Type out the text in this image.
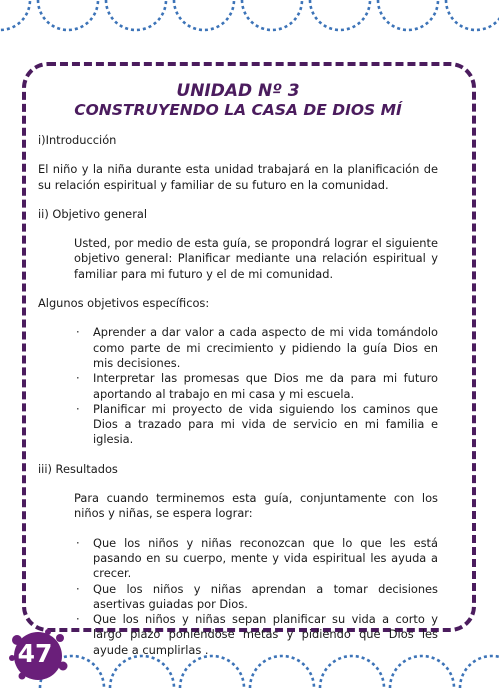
UNIDAD Nº 3

CONSTRUYENDO LA CASA DE DIOS MÍ

i)Introducción

El niño y la niña durante esta unidad trabajará en la planificación de su relación espiritual y familiar de su futuro en la comunidad.

ii) Objetivo general

Usted, por medio de esta guía, se propondrá lograr el siguiente objetivo general: Planificar mediante una relación espiritual y familiar para mi futuro y el de mi comunidad.

Algunos objetivos específicos:

· Aprender a dar valor a cada aspecto de mi vida tomándolo como parte de mi crecimiento y pidiendo la guía Dios en mis decisiones.
· Interpretar las promesas que Dios me da para mi futuro aportando al trabajo en mi casa y mi escuela.
· Planificar mi proyecto de vida siguiendo los caminos que Dios a trazado para mi vida de servicio en mi familia e iglesia.

iii) Resultados

Para cuando terminemos esta guía, conjuntamente con los niños y niñas, se espera lograr:

· Que los niños y niñas reconozcan que lo que les está pasando en su cuerpo, mente y vida espiritual les ayuda a crecer.
· Que los niños y niñas aprendan a tomar decisiones asertivas guiadas por Dios.
· Que los niños y niñas sepan planificar su vida a corto y largo plazo poniéndose metas y pidiendo que Dios les ayude a cumplirlas .
47
